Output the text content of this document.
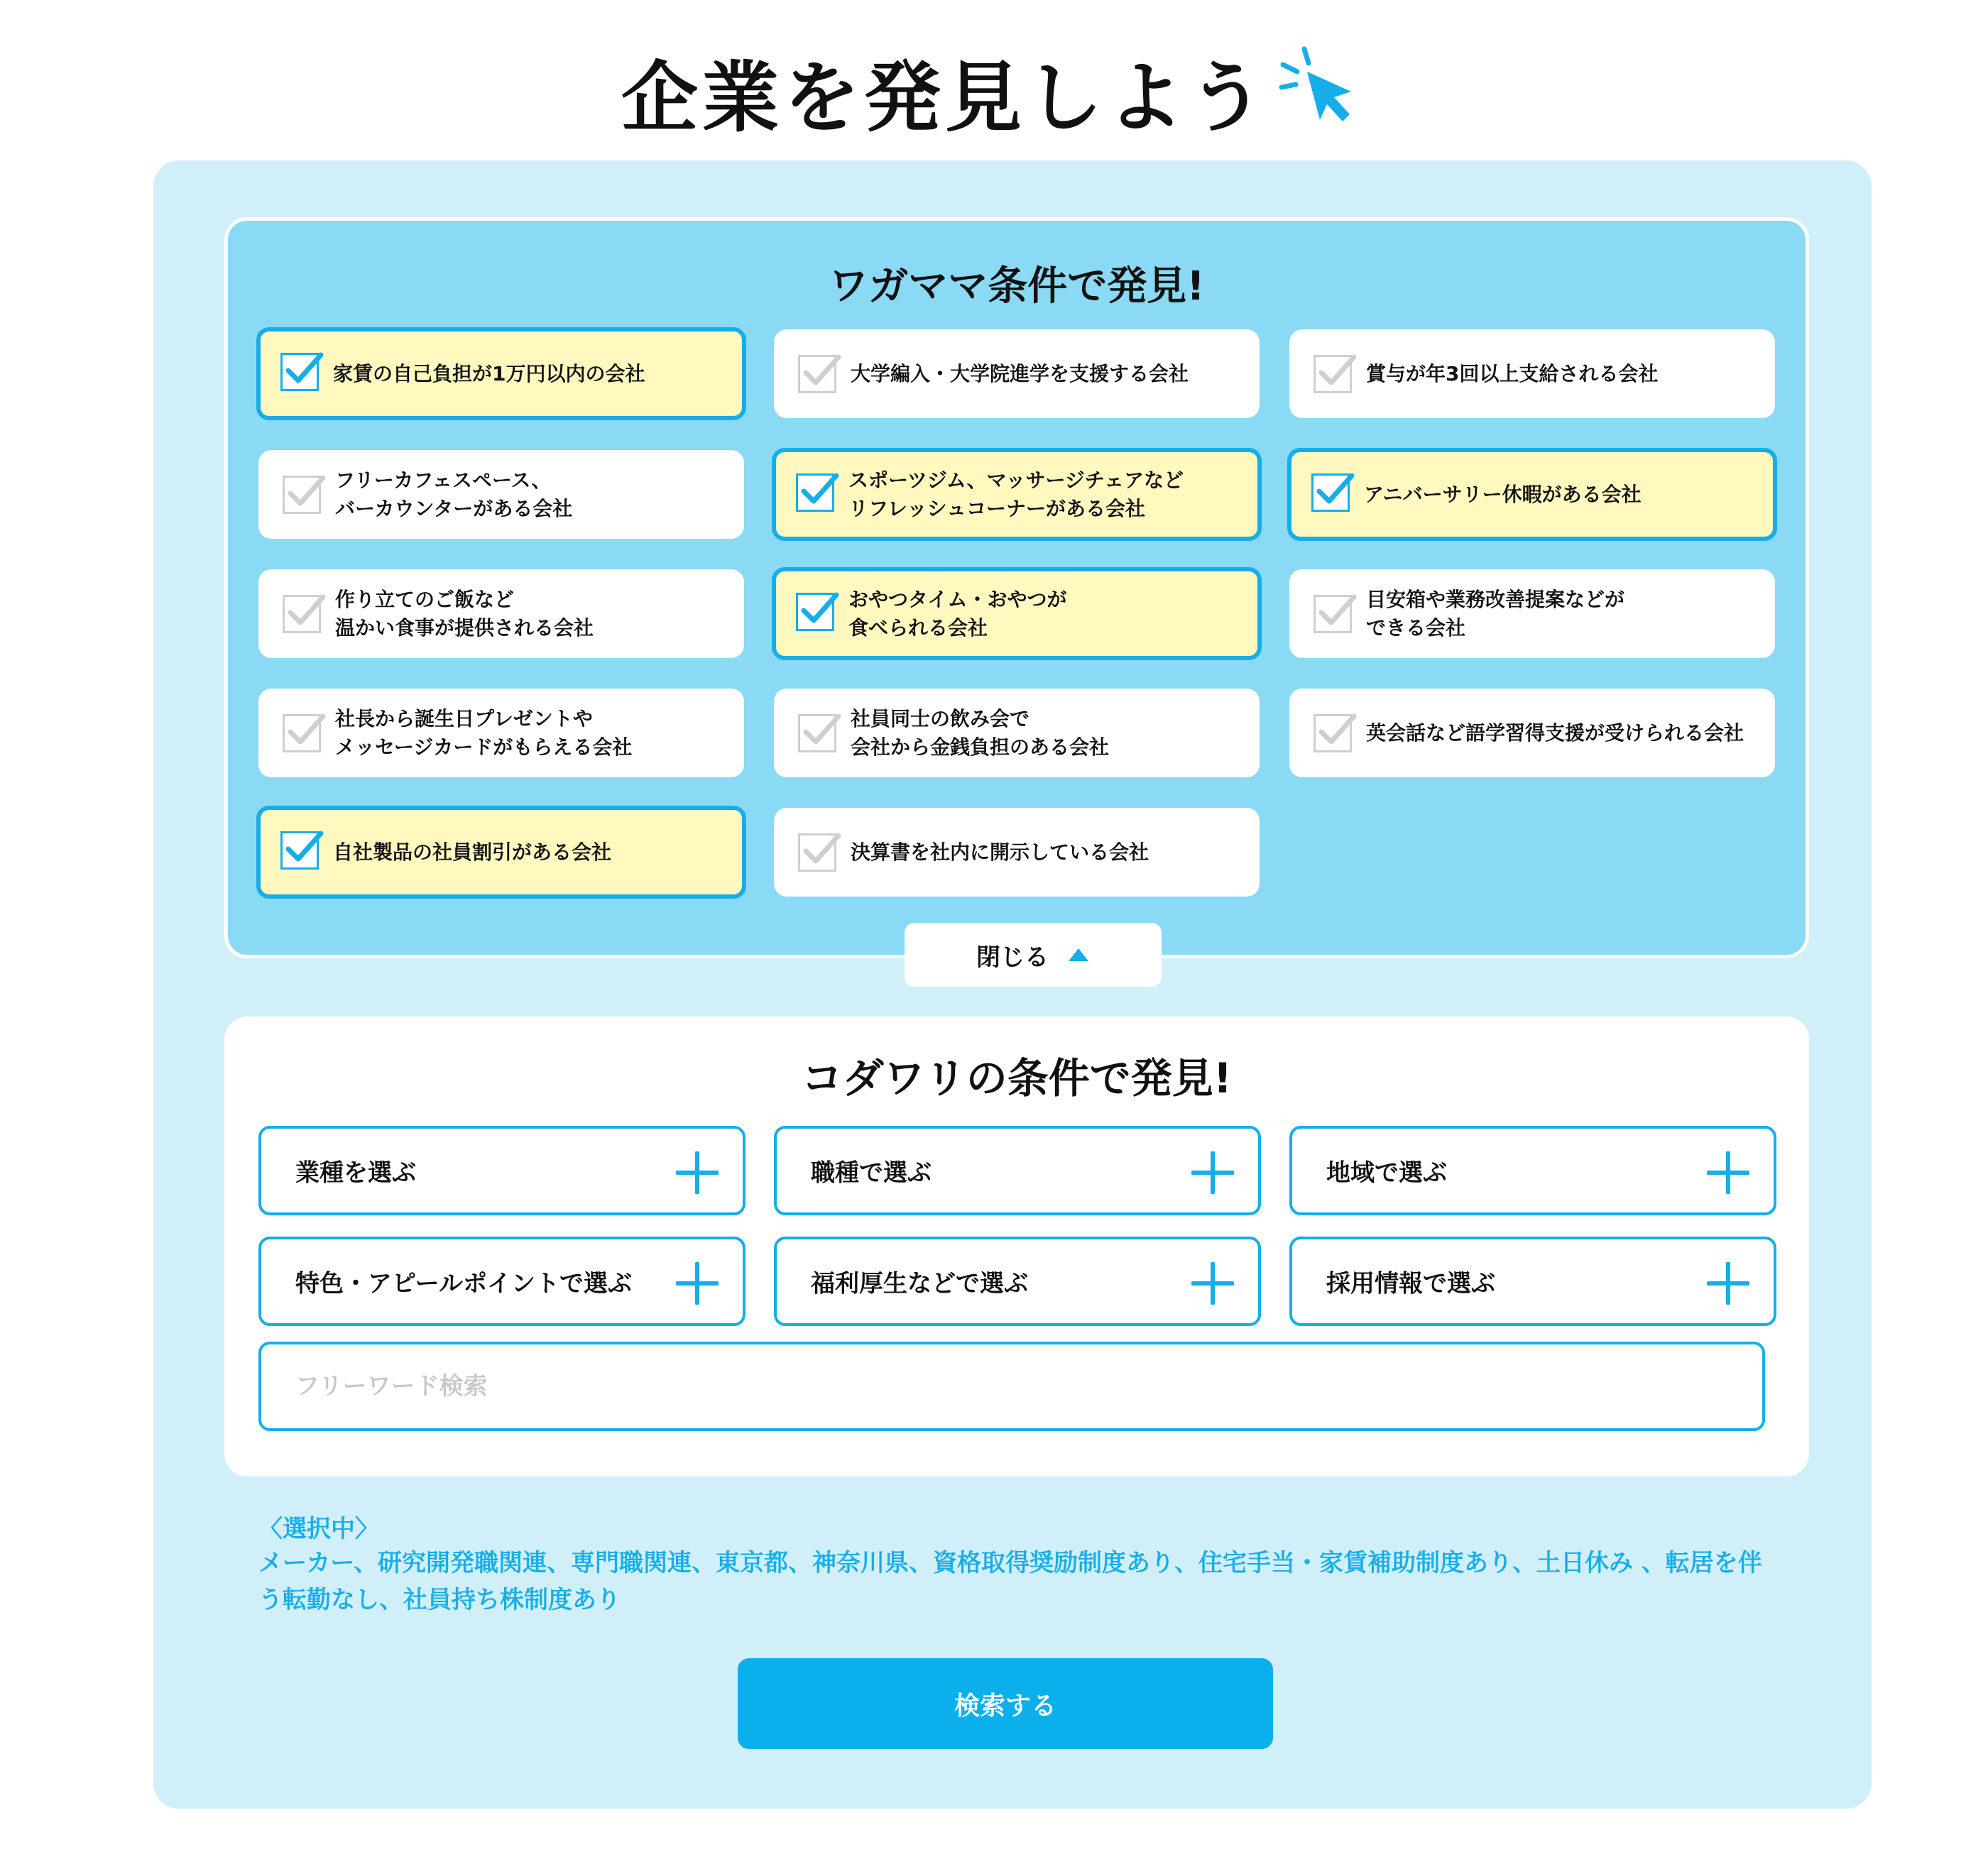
企業を発見しよう
ワガママ条件で発見!
家賃の自己負担が1万円以内の会社	大学編入・大学院進学を支援する会社	賞与が年3回以上支給される会社
フリーカフェスペース、
バーカウンターがある会社
スポーツジム、マッサージチェアなど
リフレッシュコーナーがある会社
アニバーサリー休暇がある会社
作り立てのご飯など
温かい食事が提供される会社
おやつタイム・おやつが
食べられる会社
目安箱や業務改善提案などが
できる会社
社長から誕生日プレゼントや
メッセージカードがもらえる会社
社員同士の飲み会で
会社から金銭負担のある会社
英会話など語学習得支援が受けられる会社
自社製品の社員割引がある会社	決算書を社内に開示している会社
閉じる
コダワリの条件で発見!
業種を選ぶ	職種で選ぶ	地域で選ぶ
特色・アピールポイントで選ぶ	福利厚生などで選ぶ	採用情報で選ぶ
フリーワード検索
〈選択中〉
メーカー、研究開発職関連、専門職関連、東京都、神奈川県、資格取得奨励制度あり、住宅手当・家賃補助制度あり、土日休み 、転居を伴う転勤なし、社員持ち株制度あり
検索する
